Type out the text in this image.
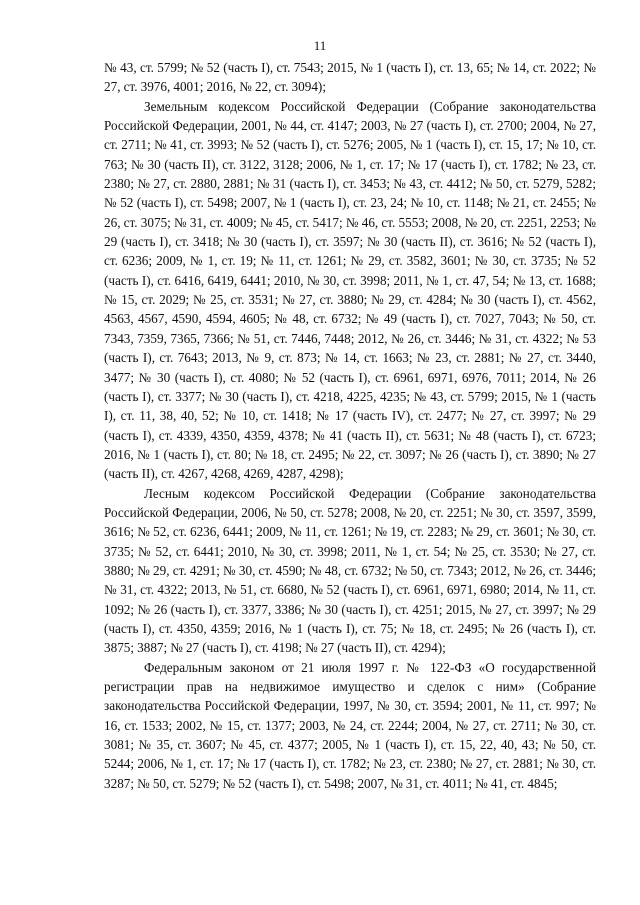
11

№ 43, ст. 5799; № 52 (часть I), ст. 7543; 2015, № 1 (часть I), ст. 13, 65; № 14, ст. 2022; № 27, ст. 3976, 4001; 2016, № 22, ст. 3094);

Земельным кодексом Российской Федерации (Собрание законодательства Российской Федерации, 2001, № 44, ст. 4147; 2003, № 27 (часть I), ст. 2700; 2004, № 27, ст. 2711; № 41, ст. 3993; № 52 (часть I), ст. 5276; 2005, № 1 (часть I), ст. 15, 17; № 10, ст. 763; № 30 (часть II), ст. 3122, 3128; 2006, № 1, ст. 17; № 17 (часть I), ст. 1782; № 23, ст. 2380; № 27, ст. 2880, 2881; № 31 (часть I), ст. 3453; № 43, ст. 4412; № 50, ст. 5279, 5282; № 52 (часть I), ст. 5498; 2007, № 1 (часть I), ст. 23, 24; № 10, ст. 1148; № 21, ст. 2455; № 26, ст. 3075; № 31, ст. 4009; № 45, ст. 5417; № 46, ст. 5553; 2008, № 20, ст. 2251, 2253; № 29 (часть I), ст. 3418; № 30 (часть I), ст. 3597; № 30 (часть II), ст. 3616; № 52 (часть I), ст. 6236; 2009, № 1, ст. 19; № 11, ст. 1261; № 29, ст. 3582, 3601; № 30, ст. 3735; № 52 (часть I), ст. 6416, 6419, 6441; 2010, № 30, ст. 3998; 2011, № 1, ст. 47, 54; № 13, ст. 1688; № 15, ст. 2029; № 25, ст. 3531; № 27, ст. 3880; № 29, ст. 4284; № 30 (часть I), ст. 4562, 4563, 4567, 4590, 4594, 4605; № 48, ст. 6732; № 49 (часть I), ст. 7027, 7043; № 50, ст. 7343, 7359, 7365, 7366; № 51, ст. 7446, 7448; 2012, № 26, ст. 3446; № 31, ст. 4322; № 53 (часть I), ст. 7643; 2013, № 9, ст. 873; № 14, ст. 1663; № 23, ст. 2881; № 27, ст. 3440, 3477; № 30 (часть I), ст. 4080; № 52 (часть I), ст. 6961, 6971, 6976, 7011; 2014, № 26 (часть I), ст. 3377; № 30 (часть I), ст. 4218, 4225, 4235; № 43, ст. 5799; 2015, № 1 (часть I), ст. 11, 38, 40, 52; № 10, ст. 1418; № 17 (часть IV), ст. 2477; № 27, ст. 3997; № 29 (часть I), ст. 4339, 4350, 4359, 4378; № 41 (часть II), ст. 5631; № 48 (часть I), ст. 6723; 2016, № 1 (часть I), ст. 80; № 18, ст. 2495; № 22, ст. 3097; № 26 (часть I), ст. 3890; № 27 (часть II), ст. 4267, 4268, 4269, 4287, 4298);

Лесным кодексом Российской Федерации (Собрание законодательства Российской Федерации, 2006, № 50, ст. 5278; 2008, № 20, ст. 2251; № 30, ст. 3597, 3599, 3616; № 52, ст. 6236, 6441; 2009, № 11, ст. 1261; № 19, ст. 2283; № 29, ст. 3601; № 30, ст. 3735; № 52, ст. 6441; 2010, № 30, ст. 3998; 2011, № 1, ст. 54; № 25, ст. 3530; № 27, ст. 3880; № 29, ст. 4291; № 30, ст. 4590; № 48, ст. 6732; № 50, ст. 7343; 2012, № 26, ст. 3446; № 31, ст. 4322; 2013, № 51, ст. 6680, № 52 (часть I), ст. 6961, 6971, 6980; 2014, № 11, ст. 1092; № 26 (часть I), ст. 3377, 3386; № 30 (часть I), ст. 4251; 2015, № 27, ст. 3997; № 29 (часть I), ст. 4350, 4359; 2016, № 1 (часть I), ст. 75; № 18, ст. 2495; № 26 (часть I), ст. 3875; 3887; № 27 (часть I), ст. 4198; № 27 (часть II), ст. 4294);

Федеральным законом от 21 июля 1997 г. № 122-ФЗ «О государственной регистрации прав на недвижимое имущество и сделок с ним» (Собрание законодательства Российской Федерации, 1997, № 30, ст. 3594; 2001, № 11, ст. 997; № 16, ст. 1533; 2002, № 15, ст. 1377; 2003, № 24, ст. 2244; 2004, № 27, ст. 2711; № 30, ст. 3081; № 35, ст. 3607; № 45, ст. 4377; 2005, № 1 (часть I), ст. 15, 22, 40, 43; № 50, ст. 5244; 2006, № 1, ст. 17; № 17 (часть I), ст. 1782; № 23, ст. 2380; № 27, ст. 2881; № 30, ст. 3287; № 50, ст. 5279; № 52 (часть I), ст. 5498; 2007, № 31, ст. 4011; № 41, ст. 4845;
